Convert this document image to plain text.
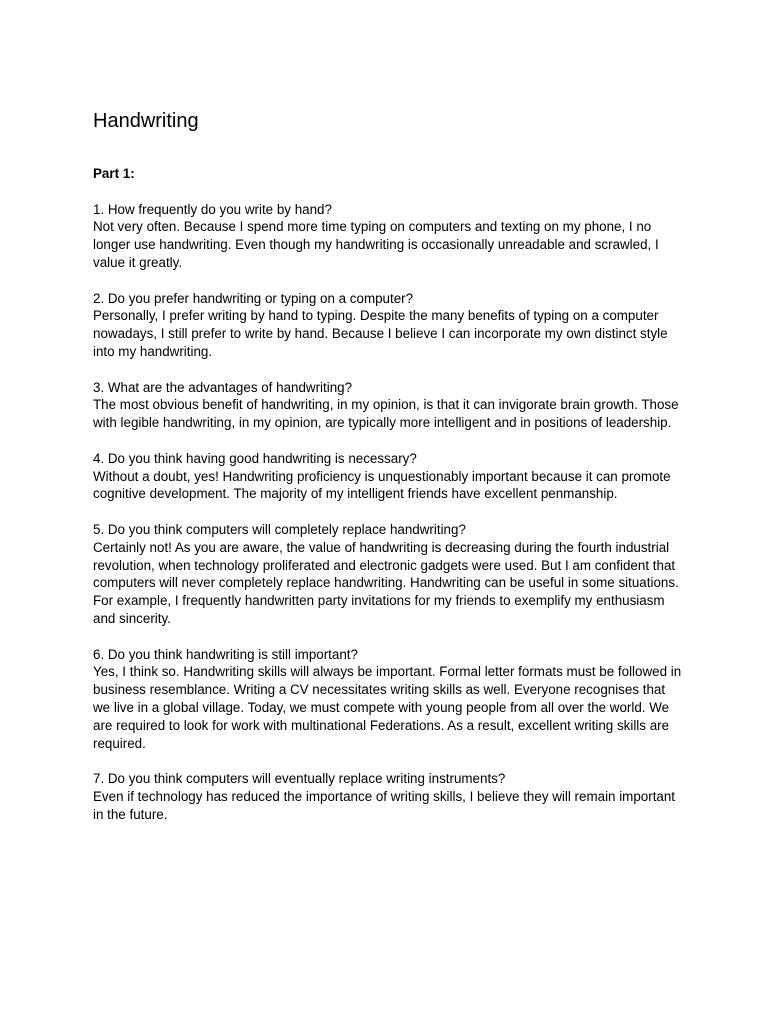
Handwriting
Part 1:

1. How frequently do you write by hand?

Not very often. Because I spend more time typing on computers and texting on my phone, I no longer use handwriting. Even though my handwriting is occasionally unreadable and scrawled, I value it greatly.

2. Do you prefer handwriting or typing on a computer?

Personally, I prefer writing by hand to typing. Despite the many benefits of typing on a computer nowadays, I still prefer to write by hand. Because I believe I can incorporate my own distinct style into my handwriting.

3. What are the advantages of handwriting?

The most obvious benefit of handwriting, in my opinion, is that it can invigorate brain growth. Those with legible handwriting, in my opinion, are typically more intelligent and in positions of leadership.

4. Do you think having good handwriting is necessary?

Without a doubt, yes! Handwriting proficiency is unquestionably important because it can promote cognitive development. The majority of my intelligent friends have excellent penmanship.

5. Do you think computers will completely replace handwriting?

Certainly not! As you are aware, the value of handwriting is decreasing during the fourth industrial revolution, when technology proliferated and electronic gadgets were used. But I am confident that computers will never completely replace handwriting. Handwriting can be useful in some situations. For example, I frequently handwritten party invitations for my friends to exemplify my enthusiasm and sincerity.

6. Do you think handwriting is still important?

Yes, I think so. Handwriting skills will always be important. Formal letter formats must be followed in business resemblance. Writing a CV necessitates writing skills as well. Everyone recognises that we live in a global village. Today, we must compete with young people from all over the world. We are required to look for work with multinational Federations. As a result, excellent writing skills are required.

7. Do you think computers will eventually replace writing instruments?

Even if technology has reduced the importance of writing skills, I believe they will remain important in the future.
